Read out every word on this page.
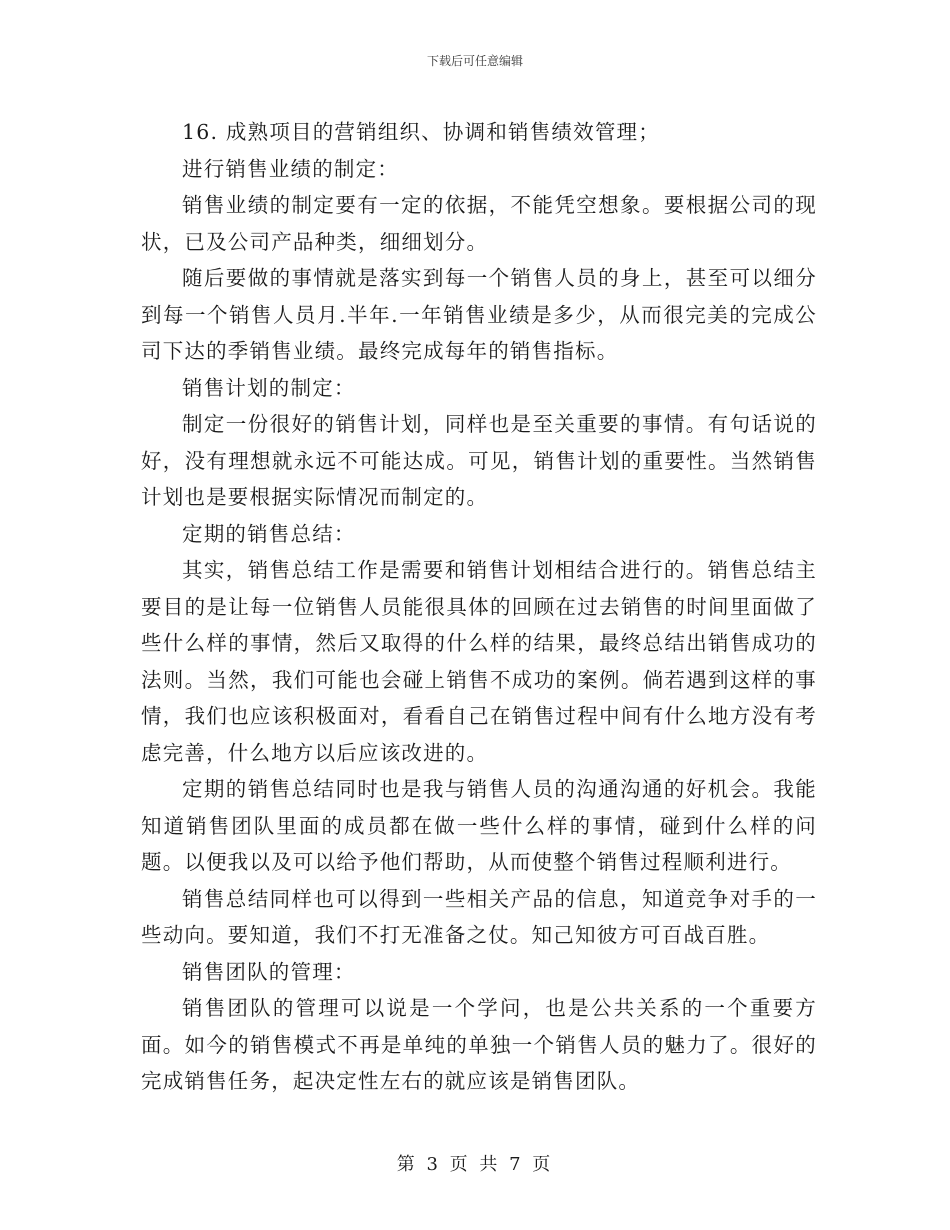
下载后可任意编辑

16. 成熟项目的营销组织、协调和销售绩效管理；

进行销售业绩的制定：

销售业绩的制定要有一定的依据，不能凭空想象。要根据公司的现状，已及公司产品种类，细细划分。

随后要做的事情就是落实到每一个销售人员的身上，甚至可以细分到每一个销售人员月.半年.一年销售业绩是多少，从而很完美的完成公司下达的季销售业绩。最终完成每年的销售指标。

销售计划的制定：

制定一份很好的销售计划，同样也是至关重要的事情。有句话说的好，没有理想就永远不可能达成。可见，销售计划的重要性。当然销售计划也是要根据实际情况而制定的。

定期的销售总结：

其实，销售总结工作是需要和销售计划相结合进行的。销售总结主要目的是让每一位销售人员能很具体的回顾在过去销售的时间里面做了些什么样的事情，然后又取得的什么样的结果，最终总结出销售成功的法则。当然，我们可能也会碰上销售不成功的案例。倘若遇到这样的事情，我们也应该积极面对，看看自己在销售过程中间有什么地方没有考虑完善，什么地方以后应该改进的。

定期的销售总结同时也是我与销售人员的沟通沟通的好机会。我能知道销售团队里面的成员都在做一些什么样的事情，碰到什么样的问题。以便我以及可以给予他们帮助，从而使整个销售过程顺利进行。

销售总结同样也可以得到一些相关产品的信息，知道竞争对手的一些动向。要知道，我们不打无准备之仗。知己知彼方可百战百胜。

销售团队的管理：

销售团队的管理可以说是一个学问，也是公共关系的一个重要方面。如今的销售模式不再是单纯的单独一个销售人员的魅力了。很好的完成销售任务，起决定性左右的就应该是销售团队。

第 3 页 共 7 页
